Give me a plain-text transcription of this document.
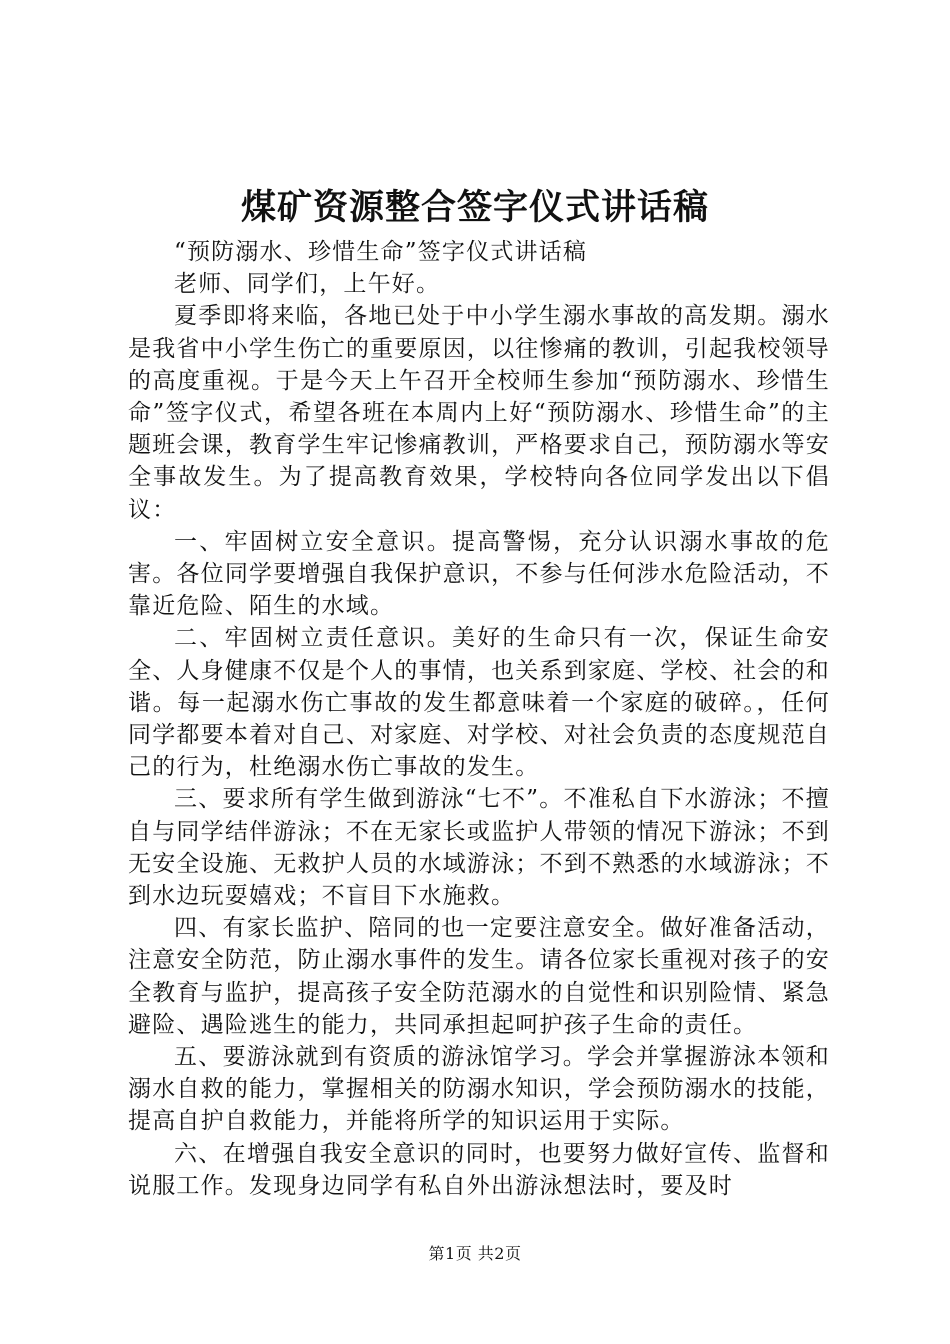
煤矿资源整合签字仪式讲话稿

“预防溺水、珍惜生命”签字仪式讲话稿

老师、同学们，上午好。

夏季即将来临，各地已处于中小学生溺水事故的高发期。溺水是我省中小学生伤亡的重要原因，以往惨痛的教训，引起我校领导的高度重视。于是今天上午召开全校师生参加“预防溺水、珍惜生命”签字仪式，希望各班在本周内上好“预防溺水、珍惜生命”的主题班会课，教育学生牢记惨痛教训，严格要求自己，预防溺水等安全事故发生。为了提高教育效果，学校特向各位同学发出以下倡议：

一、牢固树立安全意识。提高警惕，充分认识溺水事故的危害。各位同学要增强自我保护意识，不参与任何涉水危险活动，不靠近危险、陌生的水域。

二、牢固树立责任意识。美好的生命只有一次，保证生命安全、人身健康不仅是个人的事情，也关系到家庭、学校、社会的和谐。每一起溺水伤亡事故的发生都意味着一个家庭的破碎。，任何同学都要本着对自己、对家庭、对学校、对社会负责的态度规范自己的行为，杜绝溺水伤亡事故的发生。

三、要求所有学生做到游泳“七不”。不准私自下水游泳；不擅自与同学结伴游泳；不在无家长或监护人带领的情况下游泳；不到无安全设施、无救护人员的水域游泳；不到不熟悉的水域游泳；不到水边玩耍嬉戏；不盲目下水施救。

四、有家长监护、陪同的也一定要注意安全。做好准备活动，注意安全防范，防止溺水事件的发生。请各位家长重视对孩子的安全教育与监护，提高孩子安全防范溺水的自觉性和识别险情、紧急避险、遇险逃生的能力，共同承担起呵护孩子生命的责任。

五、要游泳就到有资质的游泳馆学习。学会并掌握游泳本领和溺水自救的能力，掌握相关的防溺水知识，学会预防溺水的技能，提高自护自救能力，并能将所学的知识运用于实际。

六、在增强自我安全意识的同时，也要努力做好宣传、监督和说服工作。发现身边同学有私自外出游泳想法时，要及时

第1页 共2页
